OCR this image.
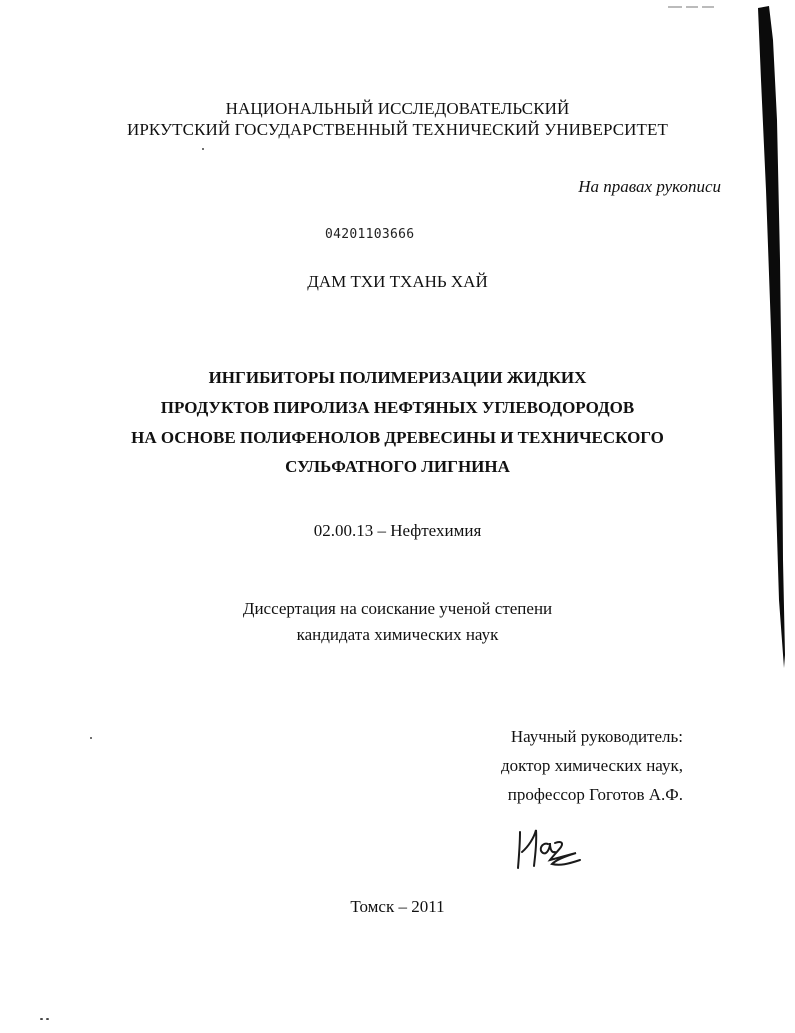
НАЦИОНАЛЬНЫЙ ИССЛЕДОВАТЕЛЬСКИЙ
ИРКУТСКИЙ ГОСУДАРСТВЕННЫЙ ТЕХНИЧЕСКИЙ УНИВЕРСИТЕТ
На правах рукописи
04201103666
ДАМ ТХИ ТХАНЬ ХАЙ
ИНГИБИТОРЫ ПОЛИМЕРИЗАЦИИ ЖИДКИХ
ПРОДУКТОВ ПИРОЛИЗА НЕФТЯНЫХ УГЛЕВОДОРОДОВ
НА ОСНОВЕ ПОЛИФЕНОЛОВ ДРЕВЕСИНЫ И ТЕХНИЧЕСКОГО
СУЛЬФАТНОГО ЛИГНИНА
02.00.13 – Нефтехимия
Диссертация на соискание ученой степени
кандидата химических наук
Научный руководитель:
доктор химических наук,
профессор Гоготов А.Ф.
Томск – 2011
